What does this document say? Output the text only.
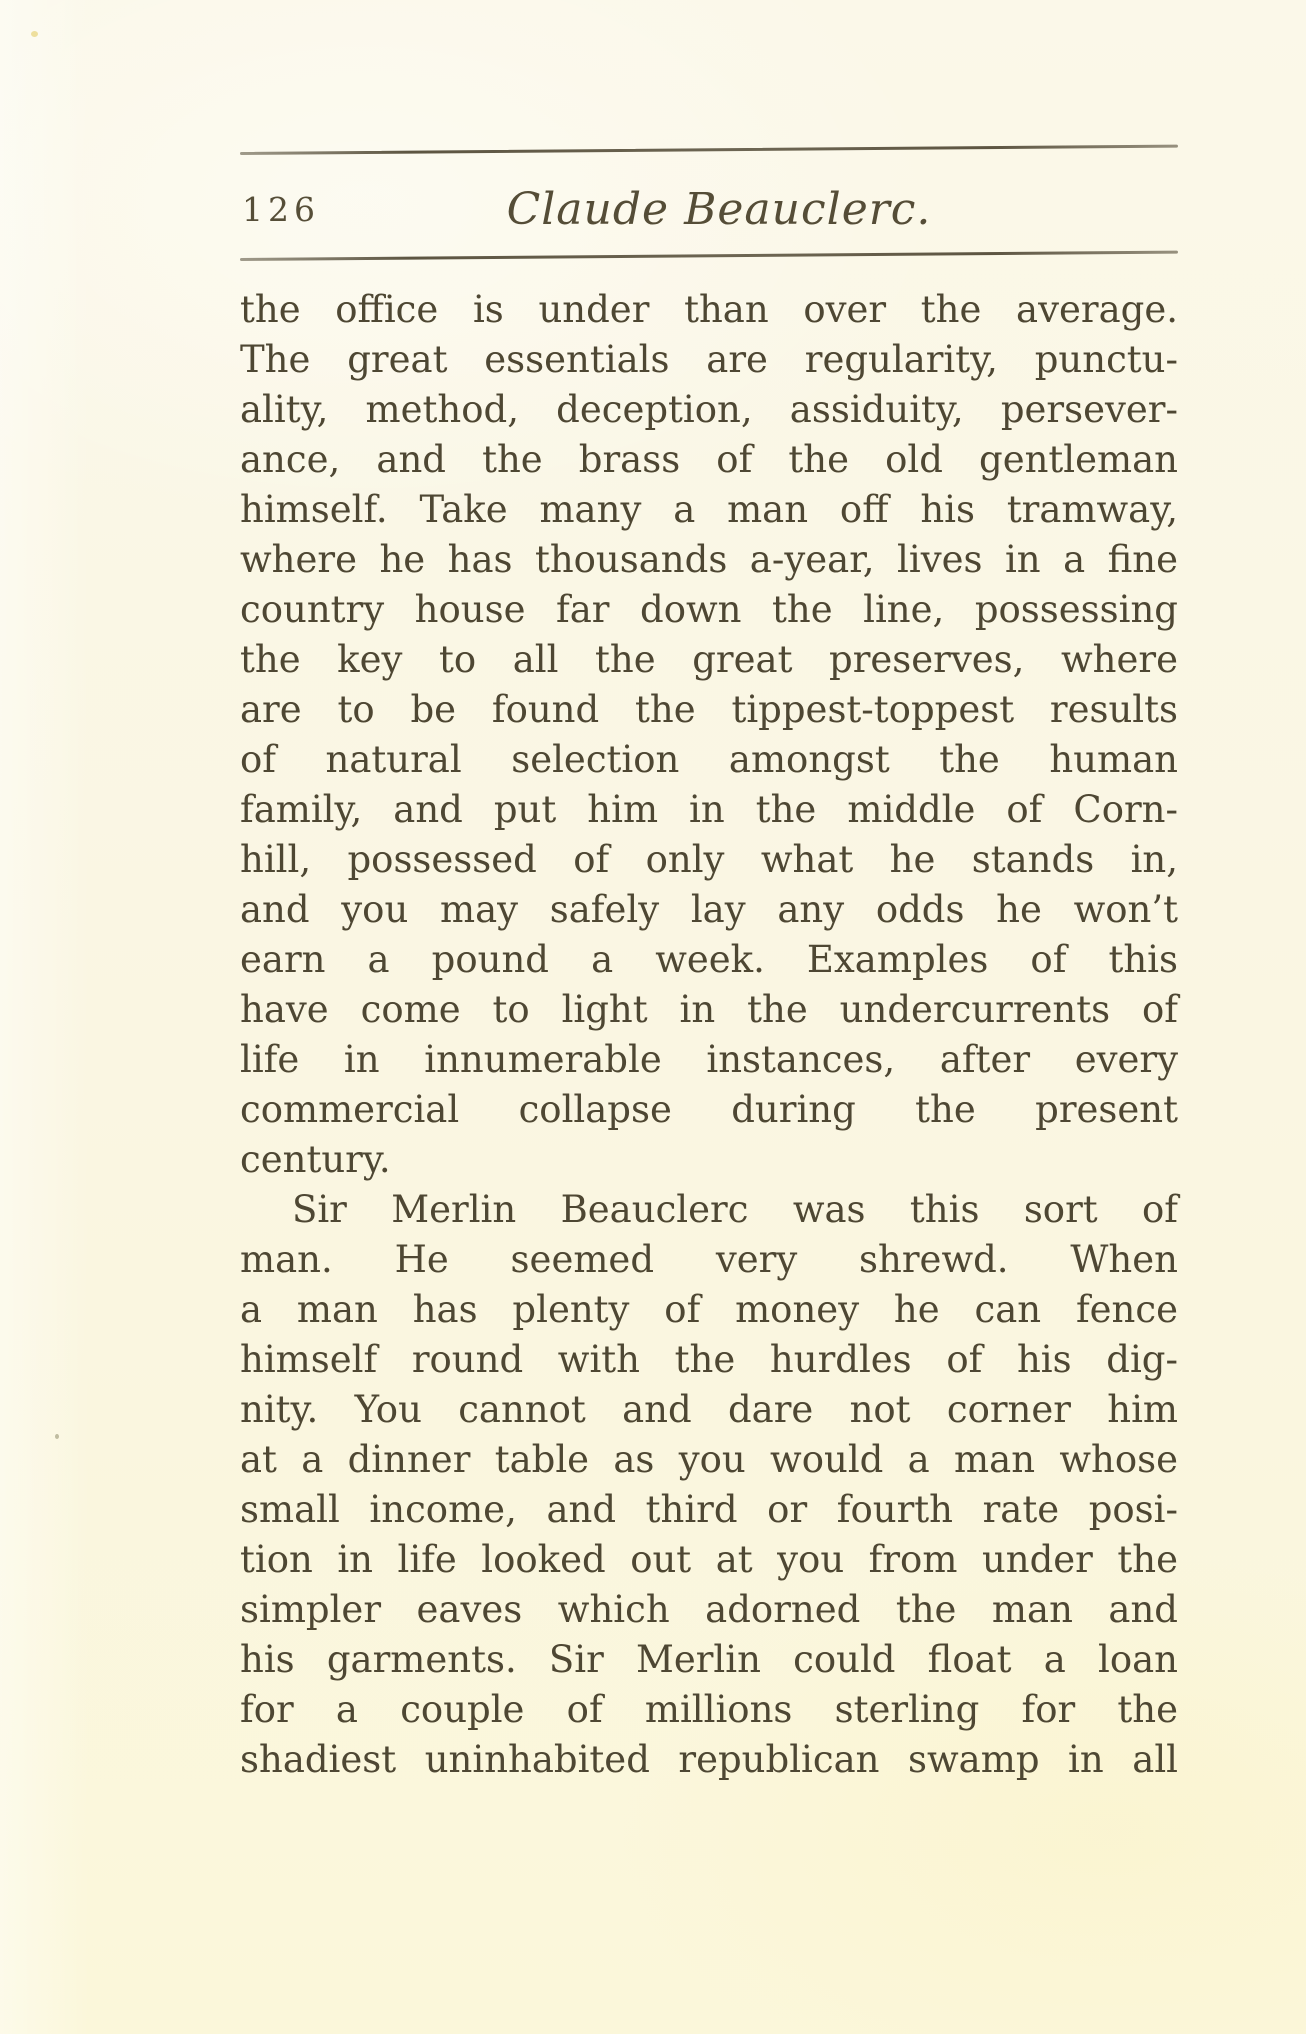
126	Claude Beauclerc.
the office is under than over the average.
The great essentials are regularity, punctu-
ality, method, deception, assiduity, persever-
ance, and the brass of the old gentleman
himself. Take many a man off his tramway,
where he has thousands a-year, lives in a fine
country house far down the line, possessing
the key to all the great preserves, where
are to be found the tippest-toppest results
of natural selection amongst the human
family, and put him in the middle of Corn-
hill, possessed of only what he stands in,
and you may safely lay any odds he won’t
earn a pound a week. Examples of this
have come to light in the undercurrents of
life in innumerable instances, after every
commercial collapse during the present
century.
Sir Merlin Beauclerc was this sort of
man. He seemed very shrewd. When
a man has plenty of money he can fence
himself round with the hurdles of his dig-
nity. You cannot and dare not corner him
at a dinner table as you would a man whose
small income, and third or fourth rate posi-
tion in life looked out at you from under the
simpler eaves which adorned the man and
his garments. Sir Merlin could float a loan
for a couple of millions sterling for the
shadiest uninhabited republican swamp in all
